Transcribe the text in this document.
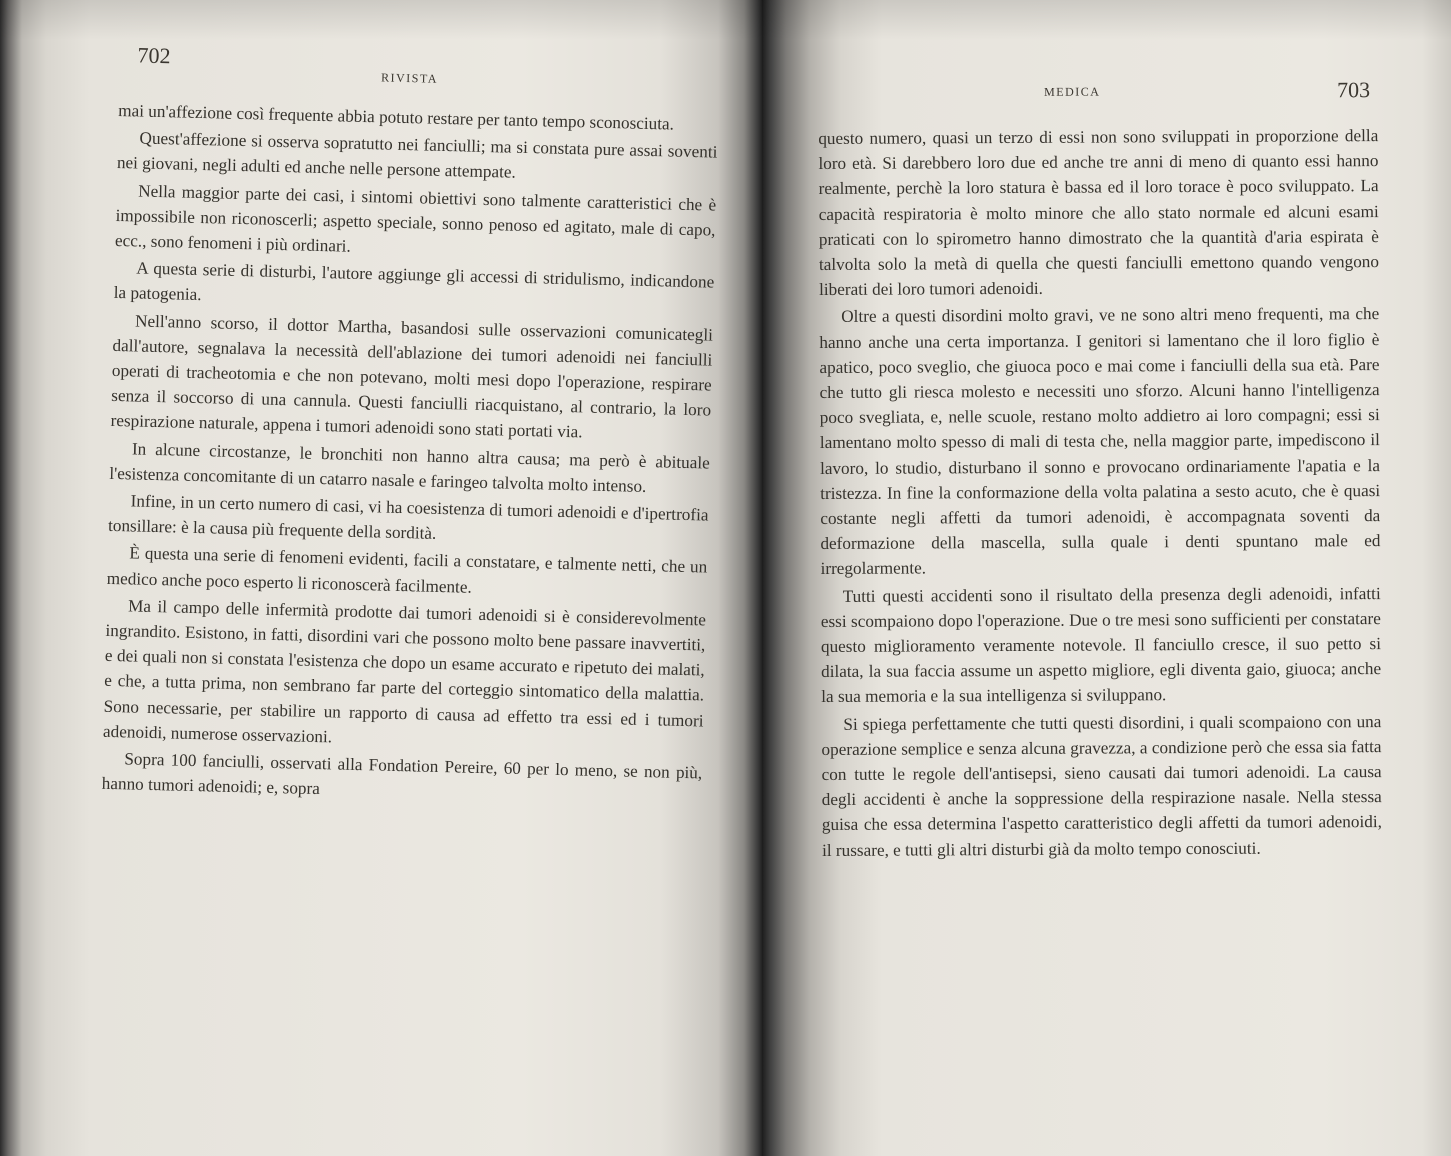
702
RIVISTA

mai un'affezione così frequente abbia potuto restare per tanto tempo sconosciuta.

Quest'affezione si osserva sopratutto nei fanciulli; ma si constata pure assai soventi nei giovani, negli adulti ed anche nelle persone attempate.

Nella maggior parte dei casi, i sintomi obiettivi sono talmente caratteristici che è impossibile non riconoscerli; aspetto speciale, sonno penoso ed agitato, male di capo, ecc., sono fenomeni i più ordinari.

A questa serie di disturbi, l'autore aggiunge gli accessi di stridulismo, indicandone la patogenia.

Nell'anno scorso, il dottor Martha, basandosi sulle osservazioni comunicategli dall'autore, segnalava la necessità dell'ablazione dei tumori adenoidi nei fanciulli operati di tracheotomia e che non potevano, molti mesi dopo l'operazione, respirare senza il soccorso di una cannula. Questi fanciulli riacquistano, al contrario, la loro respirazione naturale, appena i tumori adenoidi sono stati portati via.

In alcune circostanze, le bronchiti non hanno altra causa; ma però è abituale l'esistenza concomitante di un catarro nasale e faringeo talvolta molto intenso.

Infine, in un certo numero di casi, vi ha coesistenza di tumori adenoidi e d'ipertrofia tonsillare: è la causa più frequente della sordità.

È questa una serie di fenomeni evidenti, facili a constatare, e talmente netti, che un medico anche poco esperto li riconoscerà facilmente.

Ma il campo delle infermità prodotte dai tumori adenoidi si è considerevolmente ingrandito. Esistono, in fatti, disordini vari che possono molto bene passare inavvertiti, e dei quali non si constata l'esistenza che dopo un esame accurato e ripetuto dei malati, e che, a tutta prima, non sembrano far parte del corteggio sintomatico della malattia. Sono necessarie, per stabilire un rapporto di causa ad effetto tra essi ed i tumori adenoidi, numerose osservazioni.

Sopra 100 fanciulli, osservati alla Fondation Pereire, 60 per lo meno, se non più, hanno tumori adenoidi; e, sopra

MEDICA	703

questo numero, quasi un terzo di essi non sono sviluppati in proporzione della loro età. Si darebbero loro due ed anche tre anni di meno di quanto essi hanno realmente, perchè la loro statura è bassa ed il loro torace è poco sviluppato. La capacità respiratoria è molto minore che allo stato normale ed alcuni esami praticati con lo spirometro hanno dimostrato che la quantità d'aria espirata è talvolta solo la metà di quella che questi fanciulli emettono quando vengono liberati dei loro tumori adenoidi.

Oltre a questi disordini molto gravi, ve ne sono altri meno frequenti, ma che hanno anche una certa importanza. I genitori si lamentano che il loro figlio è apatico, poco sveglio, che giuoca poco e mai come i fanciulli della sua età. Pare che tutto gli riesca molesto e necessiti uno sforzo. Alcuni hanno l'intelligenza poco svegliata, e, nelle scuole, restano molto addietro ai loro compagni; essi si lamentano molto spesso di mali di testa che, nella maggior parte, impediscono il lavoro, lo studio, disturbano il sonno e provocano ordinariamente l'apatia e la tristezza. In fine la conformazione della volta palatina a sesto acuto, che è quasi costante negli affetti da tumori adenoidi, è accompagnata soventi da deformazione della mascella, sulla quale i denti spuntano male ed irregolarmente.

Tutti questi accidenti sono il risultato della presenza degli adenoidi, infatti essi scompaiono dopo l'operazione. Due o tre mesi sono sufficienti per constatare questo miglioramento veramente notevole. Il fanciullo cresce, il suo petto si dilata, la sua faccia assume un aspetto migliore, egli diventa gaio, giuoca; anche la sua memoria e la sua intelligenza si sviluppano.

Si spiega perfettamente che tutti questi disordini, i quali scompaiono con una operazione semplice e senza alcuna gravezza, a condizione però che essa sia fatta con tutte le regole dell'antisepsi, sieno causati dai tumori adenoidi. La causa degli accidenti è anche la soppressione della respirazione nasale. Nella stessa guisa che essa determina l'aspetto caratteristico degli affetti da tumori adenoidi, il russare, e tutti gli altri disturbi già da molto tempo conosciuti.
